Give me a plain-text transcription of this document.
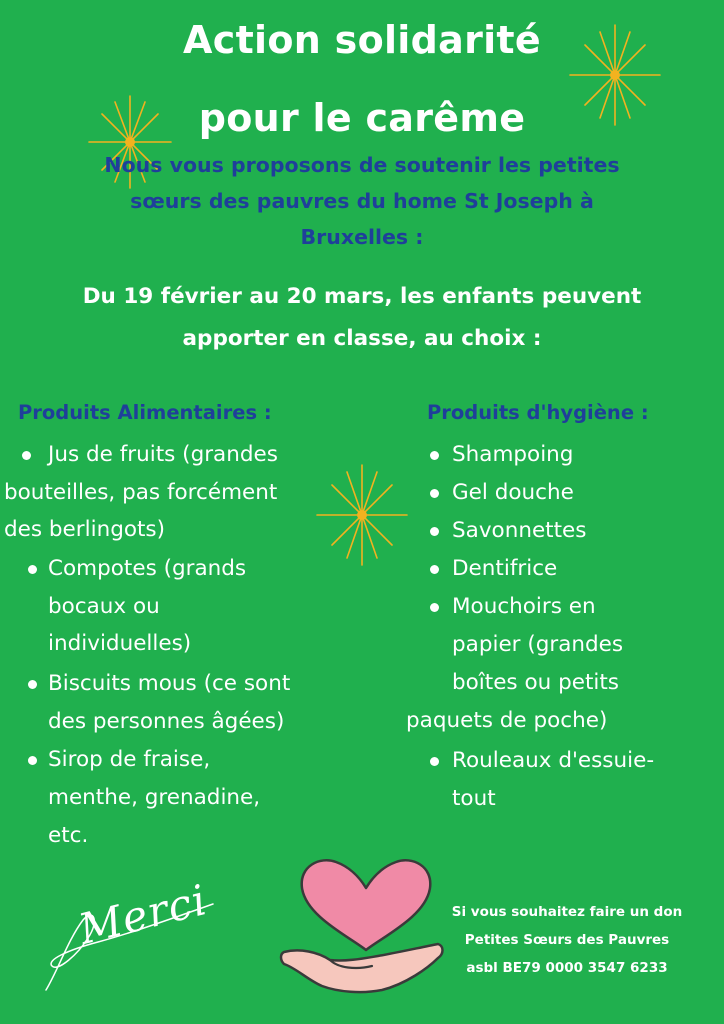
Action solidarité
pour le carême
Nous vous proposons de soutenir les petites
sœurs des pauvres du home St Joseph à
Bruxelles :
Du 19 février au 20 mars, les enfants peuvent
apporter en classe, au choix :
Produits Alimentaires :
Jus de fruits (grandes
bouteilles, pas forcément
des berlingots)
Compotes (grands
bocaux ou
individuelles)
Biscuits mous (ce sont
des personnes âgées)
Sirop de fraise,
menthe, grenadine,
etc.
Produits d'hygiène :
Shampoing
Gel douche
Savonnettes
Dentifrice
Mouchoirs en
papier (grandes
boîtes ou petits
paquets de poche)
Rouleaux d'essuie-
tout
Merci	Si vous souhaitez faire un don
Petites Sœurs des Pauvres
asbl BE79 0000 3547 6233
